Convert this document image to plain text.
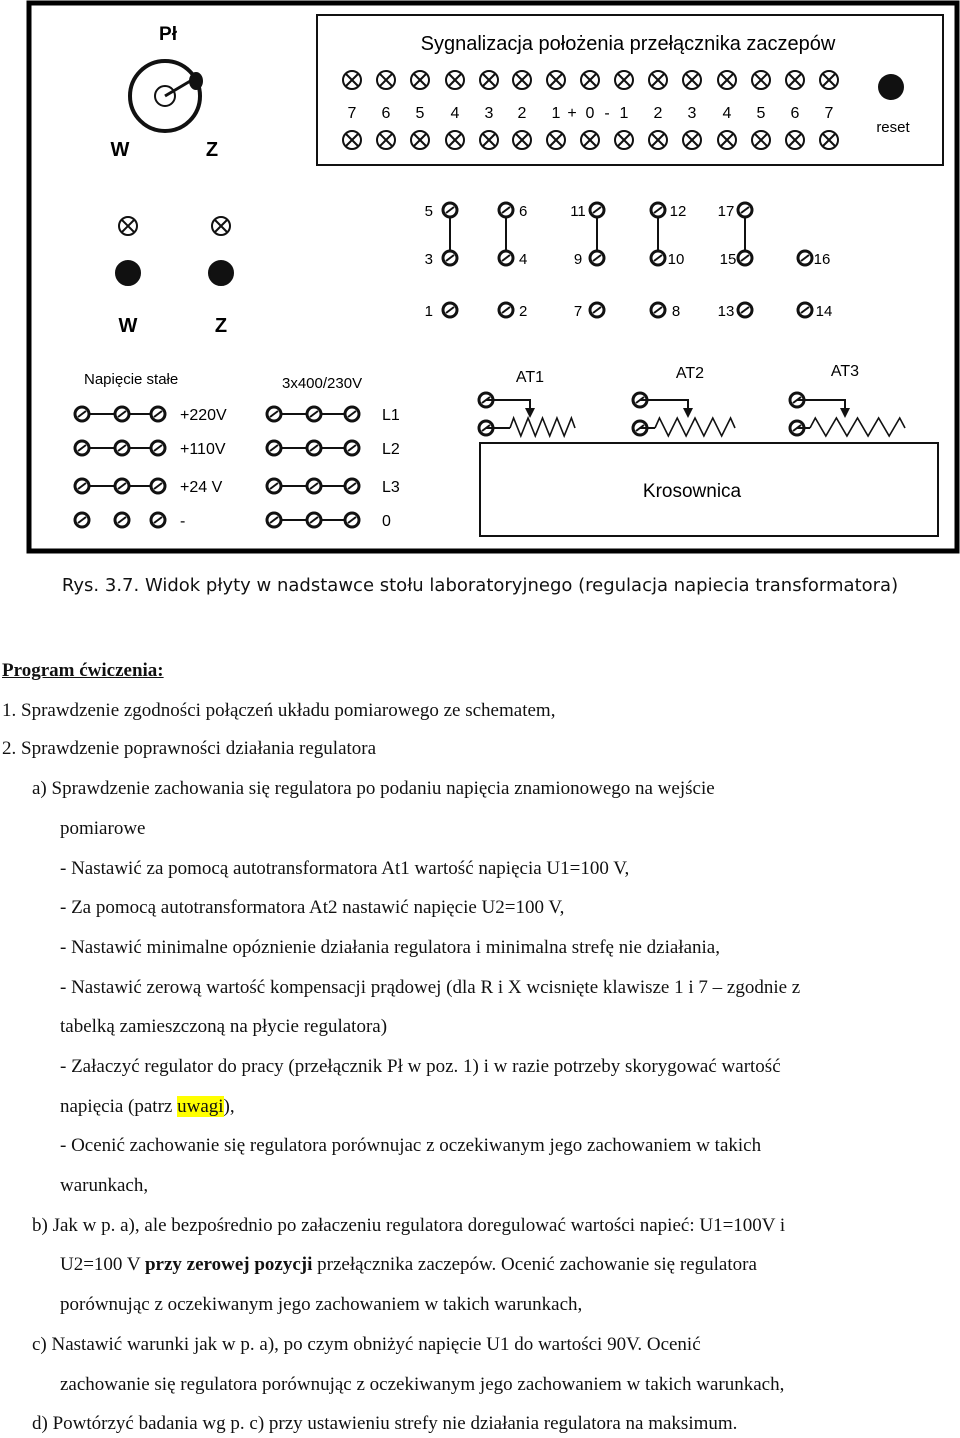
Pł
W	Z
W	Z
Sygnalizacja położenia przełącznika zaczepów
7 6 5 4 3 2 1 + 0 - 1 2 3 4 5 6 7
reset
5	6	11	12 17
3	4	9	10 15	16
1	2	7	8 13	14
Napięcie stałe
+220V
+110V
+24 V
-
3x400/230V
L1
L2
L3
0
AT1	AT2	AT3
Krosownica
Rys. 3.7. Widok płyty w nadstawce stołu laboratoryjnego (regulacja napiecia transformatora)
Program ćwiczenia:
1. Sprawdzenie zgodności połączeń układu pomiarowego ze schematem,
2. Sprawdzenie poprawności działania regulatora
a) Sprawdzenie zachowania się regulatora po podaniu napięcia znamionowego na wejście
pomiarowe
- Nastawić za pomocą autotransformatora At1 wartość napięcia U1=100 V,
- Za pomocą autotransformatora At2 nastawić napięcie U2=100 V,
- Nastawić minimalne opóznienie działania regulatora i minimalna strefę nie działania,
- Nastawić zerową wartość kompensacji prądowej (dla R i X wcisnięte klawisze 1 i 7 – zgodnie z
tabelką zamieszczoną na płycie regulatora)
- Załaczyć regulator do pracy (przełącznik Pł w poz. 1) i w razie potrzeby skorygować wartość
napięcia (patrz uwagi),
- Ocenić zachowanie się regulatora porównujac z oczekiwanym jego zachowaniem w takich
warunkach,
b) Jak w p. a), ale bezpośrednio po załaczeniu regulatora doregulować wartości napieć: U1=100V i
U2=100 V przy zerowej pozycji przełącznika zaczepów. Ocenić zachowanie się regulatora
porównując z oczekiwanym jego zachowaniem w takich warunkach,
c) Nastawić warunki jak w p. a), po czym obniżyć napięcie U1 do wartości 90V. Ocenić
zachowanie się regulatora porównując z oczekiwanym jego zachowaniem w takich warunkach,
d) Powtórzyć badania wg p. c) przy ustawieniu strefy nie działania regulatora na maksimum.
